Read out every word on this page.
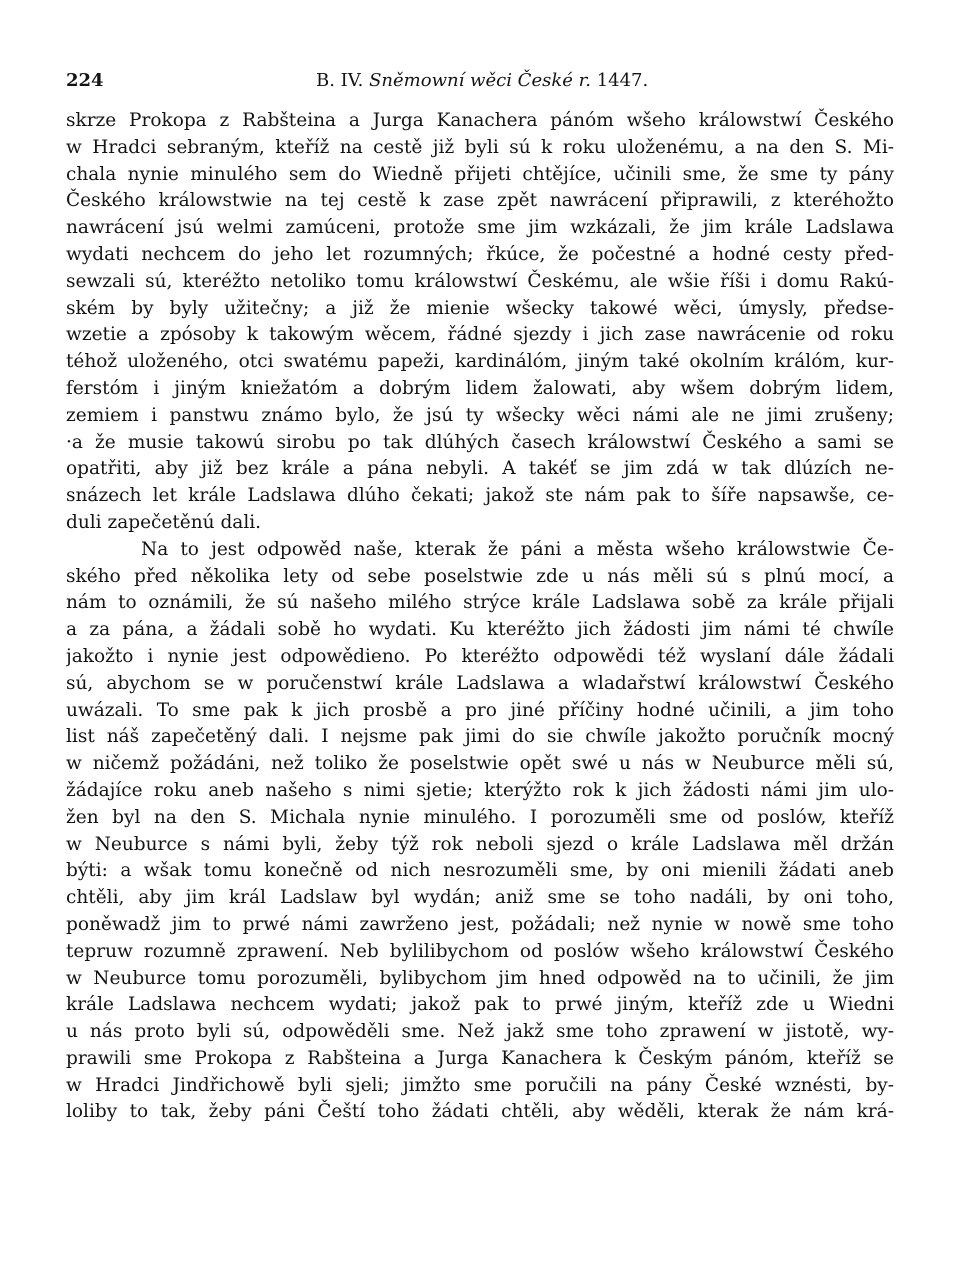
224	B. IV. Sněmowní wěci České r. 1447.
skrze Prokopa z Rabšteina a Jurga Kanachera pánóm wšeho králowstwí Českého
w Hradci sebraným, kteříž na cestě již byli sú k roku uloženému, a na den S. Mi-
chala nynie minulého sem do Wiedně přijeti chtějíce, učinili sme, že sme ty pány
Českého králowstwie na tej cestě k zase zpět nawrácení připrawili, z kteréhožto
nawrácení jsú welmi zamúceni, protože sme jim wzkázali, že jim krále Ladslawa
wydati nechcem do jeho let rozumných; řkúce, že počestné a hodné cesty před-
sewzali sú, kteréžto netoliko tomu králowstwí Českému, ale wšie říši i domu Rakú-
ském by byly užitečny; a již že mienie wšecky takowé wěci, úmysly, předse-
wzetie a zpósoby k takowým wěcem, řádné sjezdy i jich zase nawrácenie od roku
téhož uloženého, otci swatému papeži, kardinálóm, jiným také okolním králóm, kur-
ferstóm i jiným kniežatóm a dobrým lidem žalowati, aby wšem dobrým lidem,
zemiem i panstwu známo bylo, že jsú ty wšecky wěci námi ale ne jimi zrušeny;
·a že musie takowú sirobu po tak dlúhých časech králowstwí Českého a sami se
opatřiti, aby již bez krále a pána nebyli. A takéť se jim zdá w tak dlúzích ne-
snázech let krále Ladslawa dlúho čekati; jakož ste nám pak to šíře napsawše, ce-
duli zapečetěnú dali.
Na to jest odpowěd naše, kterak že páni a města wšeho králowstwie Če-
ského před několika lety od sebe poselstwie zde u nás měli sú s plnú mocí, a
nám to oznámili, že sú našeho milého strýce krále Ladslawa sobě za krále přijali
a za pána, a žádali sobě ho wydati. Ku kteréžto jich žádosti jim námi té chwíle
jakožto i nynie jest odpowědieno. Po kteréžto odpowědi též wyslaní dále žádali
sú, abychom se w poručenstwí krále Ladslawa a wladařstwí králowstwí Českého
uwázali. To sme pak k jich prosbě a pro jiné příčiny hodné učinili, a jim toho
list náš zapečetěný dali. I nejsme pak jimi do sie chwíle jakožto poručník mocný
w ničemž požádáni, než toliko že poselstwie opět swé u nás w Neuburce měli sú,
žádajíce roku aneb našeho s nimi sjetie; kterýžto rok k jich žádosti námi jim ulo-
žen byl na den S. Michala nynie minulého. I porozuměli sme od poslów, kteříž
w Neuburce s námi byli, žeby týž rok neboli sjezd o krále Ladslawa měl držán
býti: a wšak tomu konečně od nich nesrozuměli sme, by oni mienili žádati aneb
chtěli, aby jim král Ladslaw byl wydán; aniž sme se toho nadáli, by oni toho,
poněwadž jim to prwé námi zawrženo jest, požádali; než nynie w nowě sme toho
tepruw rozumně zprawení. Neb bylilibychom od poslów wšeho králowstwí Českého
w Neuburce tomu porozuměli, bylibychom jim hned odpowěd na to učinili, že jim
krále Ladslawa nechcem wydati; jakož pak to prwé jiným, kteříž zde u Wiedni
u nás proto byli sú, odpowěděli sme. Než jakž sme toho zprawení w jistotě, wy-
prawili sme Prokopa z Rabšteina a Jurga Kanachera k Českým pánóm, kteříž se
w Hradci Jindřichowě byli sjeli; jimžto sme poručili na pány České wznésti, by-
loliby to tak, žeby páni Čeští toho žádati chtěli, aby wěděli, kterak že nám krá-
